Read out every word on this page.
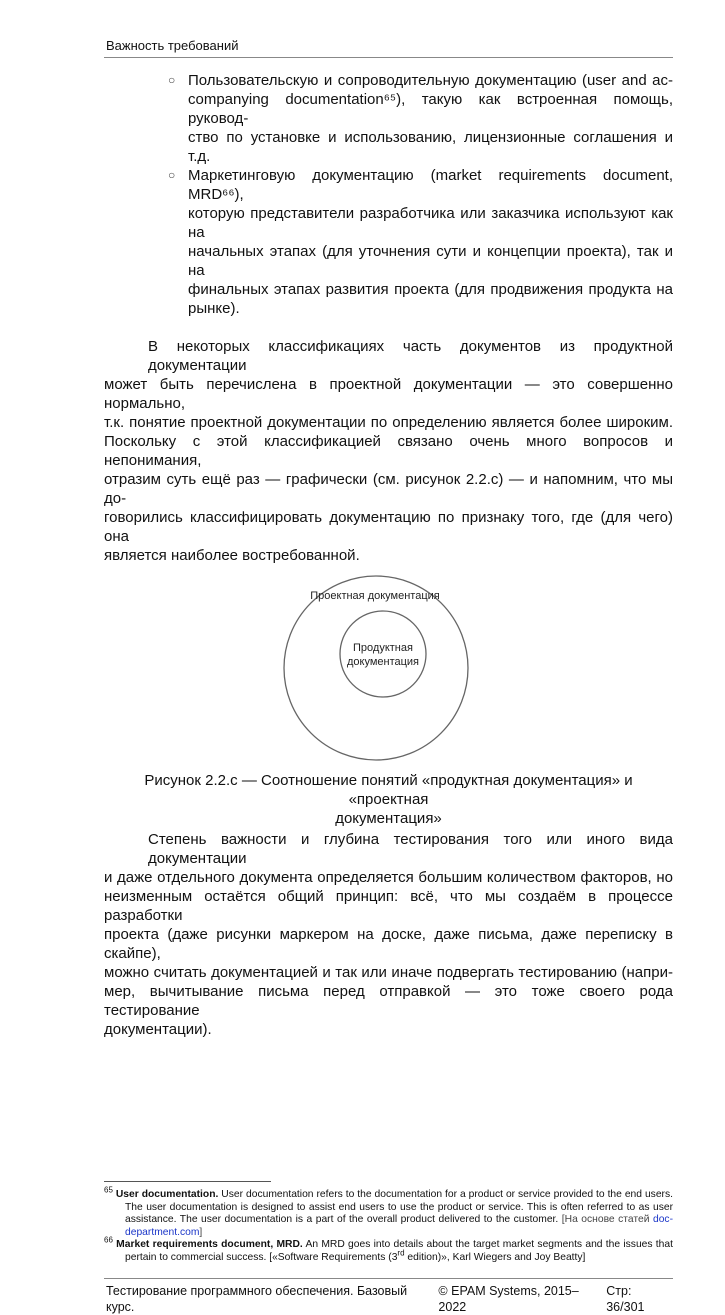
Важность требований
○ Пользовательскую и сопроводительную документацию (user and ac-
companying documentation⁶⁵), такую как встроенная помощь, руковод-
ство по установке и использованию, лицензионные соглашения и т.д.
○ Маркетинговую документацию (market requirements document, MRD⁶⁶),
которую представители разработчика или заказчика используют как на
начальных этапах (для уточнения сути и концепции проекта), так и на
финальных этапах развития проекта (для продвижения продукта на
рынке).
В некоторых классификациях часть документов из продуктной документации
может быть перечислена в проектной документации — это совершенно нормально,
т.к. понятие проектной документации по определению является более широким.
Поскольку с этой классификацией связано очень много вопросов и непонимания,
отразим суть ещё раз — графически (см. рисунок 2.2.c) — и напомним, что мы до-
говорились классифицировать документацию по признаку того, где (для чего) она
является наиболее востребованной.
Проектная документация
Продуктная
документация
Рисунок 2.2.c — Соотношение понятий «продуктная документация» и «проектная
документация»
Степень важности и глубина тестирования того или иного вида документации
и даже отдельного документа определяется большим количеством факторов, но
неизменным остаётся общий принцип: всё, что мы создаём в процессе разработки
проекта (даже рисунки маркером на доске, даже письма, даже переписку в скайпе),
можно считать документацией и так или иначе подвергать тестированию (напри-
мер, вычитывание письма перед отправкой — это тоже своего рода тестирование
документации).
$^{65}$ User documentation. User documentation refers to the documentation for a product or service provided to the end users. The user documentation is designed to assist end users to use the product or service. This is often referred to as user assistance. The user documentation is a part of the overall product delivered to the customer. [На основе статей doc-department.com]
$^{66}$ Market requirements document, MRD. An MRD goes into details about the target market segments and the issues that pertain to commercial success. [«Software Requirements (3rd edition)», Karl Wiegers and Joy Beatty]
Тестирование программного обеспечения. Базовый курс.
© EPAM Systems, 2015–2022
Стр: 36/301
